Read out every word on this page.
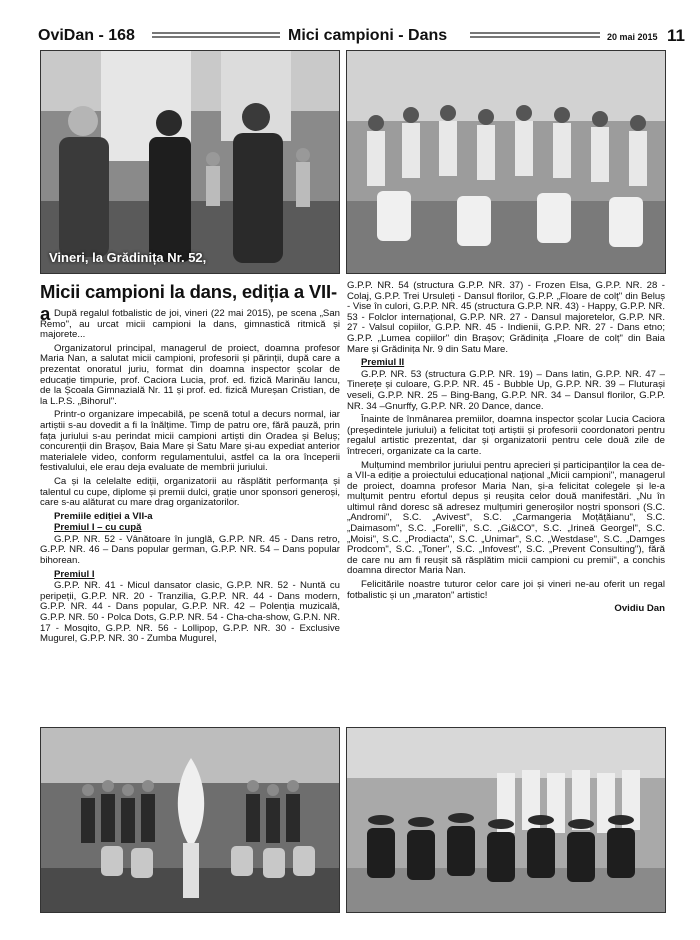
OviDan - 168	Mici campioni - Dans	20 mai 2015 11
Vineri, la Grădinița Nr. 52,
Micii campioni la dans, ediția a VII-a După regalul fotbalistic de joi, vineri (22 mai 2015), pe scena „San Remo", au urcat micii campioni la dans, gimnastică ritmică și majorete...

Organizatorul principal, managerul de proiect, doamna profesor Maria Nan, a salutat micii campioni, profesorii și părinții, după care a prezentat onoratul juriu, format din doamna inspector școlar de educație timpurie, prof. Caciora Lucia, prof. ed. fizică Marinău Iancu, de la Școala Gimnazială Nr. 11 și prof. ed. fizică Mureșan Cristian, de la L.P.S. „Bihorul".

Printr-o organizare impecabilă, pe scenă totul a decurs normal, iar artiștii s-au dovedit a fi la înălțime. Timp de patru ore, fără pauză, prin fața juriului s-au perindat micii campioni artiști din Oradea și Beluș; concurenții din Brașov, Baia Mare și Satu Mare și-au expediat anterior materialele video, conform regulamentului, astfel ca la ora începerii festivalului, ele erau deja evaluate de membrii juriului.

Ca și la celelalte ediții, organizatorii au răsplătit performanța și talentul cu cupe, diplome și premii dulci, grație unor sponsori generoși, care s-au alăturat cu mare drag organizatorilor.

Premiile ediției a VII-a
Premiul I – cu cupă

G.P.P. NR. 52 - Vânătoare în junglă, G.P.P. NR. 45 - Dans retro, G.P.P. NR. 46 – Dans popular german, G.P.P. NR. 54 – Dans popular bihorean.

Premiul I

G.P.P. NR. 41 - Micul dansator clasic, G.P.P. NR. 52 - Nuntă cu peripeții, G.P.P. NR. 20 - Tranzilia, G.P.P. NR. 44 - Dans modern, G.P.P. NR. 44 - Dans popular, G.P.P. NR. 42 – Polenția muzicală, G.P.P. NR. 50 - Polca Dots, G.P.P. NR. 54 - Cha-cha-show, G.P.N. NR. 17 - Mosqito, G.P.P. NR. 56 - Lollipop, G.P.P. NR. 30 - Exclusive Mugurel, G.P.P. NR. 30 - Zumba Mugurel,

G.P.P. NR. 54 (structura G.P.P. NR. 37) - Frozen Elsa, G.P.P. NR. 28 - Colaj, G.P.P. Trei Ursuleți - Dansul florilor, G.P.P. „Floare de colț" din Beluș - Vise în culori, G.P.P. NR. 45 (structura G.P.P. NR. 43) - Happy, G.P.P. NR. 53 - Folclor internațional, G.P.P. NR. 27 - Dansul majoretelor, G.P.P. NR. 27 - Valsul copiilor, G.P.P. NR. 45 - Indienii, G.P.P. NR. 27 - Dans etno; G.P.P. „Lumea copiilor" din Brașov; Grădinița „Floare de colț" din Baia Mare și Grădinița Nr. 9 din Satu Mare.

Premiul II

G.P.P. NR. 53 (structura G.P.P. NR. 19) – Dans latin, G.P.P. NR. 47 – Tinerețe și culoare, G.P.P. NR. 45 - Bubble Up, G.P.P. NR. 39 – Fluturași veseli, G.P.P. NR. 25 – Bing-Bang, G.P.P. NR. 34 – Dansul florilor, G.P.P. NR. 34 –Gnurffy, G.P.P. NR. 20 Dance, dance.

Înainte de înmânarea premiilor, doamna inspector școlar Lucia Caciora (președintele juriului) a felicitat toți artiștii și profesorii coordonatori pentru regalul artistic prezentat, dar și organizatorii pentru cele două zile de întreceri, organizate ca la carte.

Mulțumind membrilor juriului pentru aprecieri și participanților la cea de-a VII-a ediție a proiectului educațional național „Micii campioni", managerul de proiect, doamna profesor Maria Nan, și-a felicitat colegele și le-a mulțumit pentru efortul depus și reușita celor două manifestări. „Nu în ultimul rând doresc să adresez mulțumiri generoșilor noștri sponsori (S.C. „Andromi", S.C. „Avivest", S.C. „Carmangeria Moțățăianu", S.C. „Daimasom", S.C. „Forelli", S.C. „Gi&CO", S.C. „Irineă Georgel", S.C. „Moisi", S.C. „Prodiacta", S.C. „Unimar", S.C. „Westdase", S.C. „Damges Prodcom", S.C. „Toner", S.C. „Infovest", S.C. „Prevent Consulting"), fără de care nu am fi reușit să răsplătim micii campioni cu premii", a conchis doamna director Maria Nan.

Felicitările noastre tuturor celor care joi și vineri ne-au oferit un regal fotbalistic și un „maraton" artistic!

Ovidiu Dan
